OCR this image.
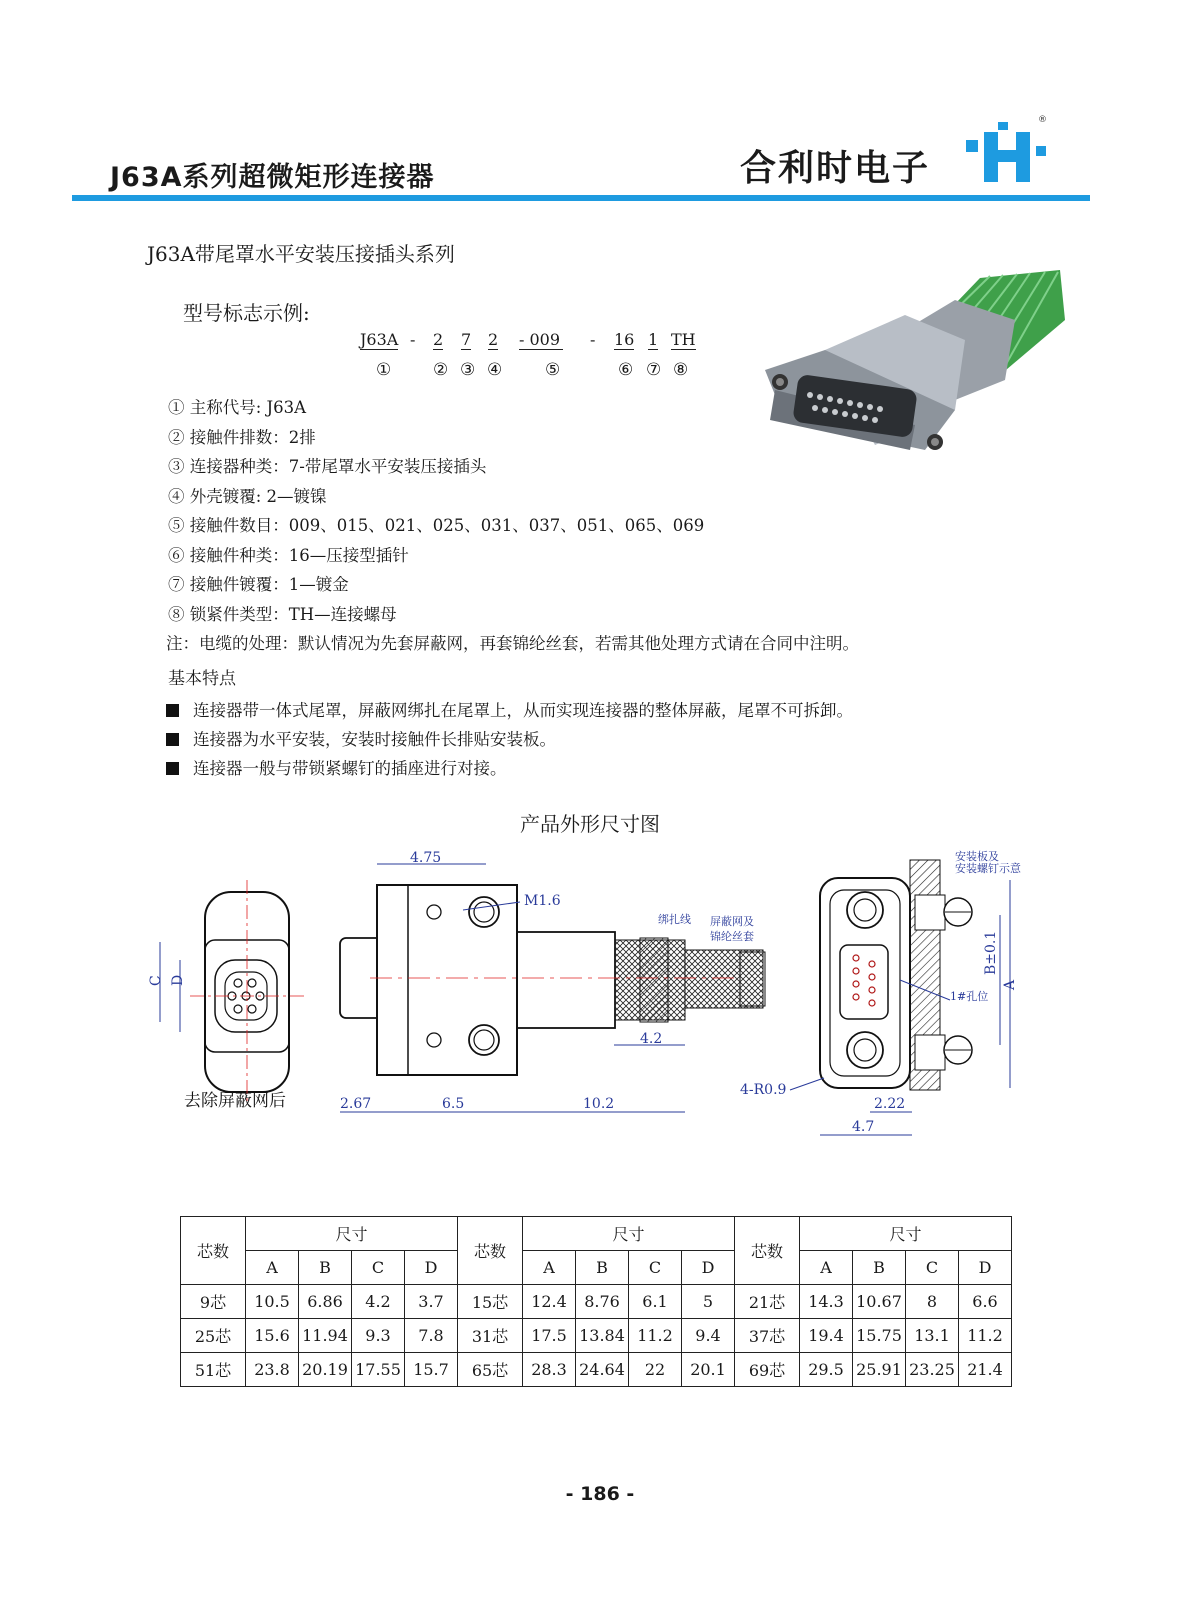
J63A系列超微矩形连接器	合利时电子
®
J63A带尾罩水平安装压接插头系列
型号标志示例:
J63A - 2 7 2 - 009 - 16 1 TH
① ② ③ ④	⑤	⑥ ⑦ ⑧
① 主称代号: J63A
② 接触件排数：2排
③ 连接器种类：7-带尾罩水平安装压接插头
④ 外壳镀覆: 2—镀镍
⑤ 接触件数目：009、015、021、025、031、037、051、065、069
⑥ 接触件种类：16—压接型插针
⑦ 接触件镀覆：1—镀金
⑧ 锁紧件类型：TH—连接螺母
注：电缆的处理：默认情况为先套屏蔽网，再套锦纶丝套，若需其他处理方式请在合同中注明。
基本特点
连接器带一体式尾罩，屏蔽网绑扎在尾罩上，从而实现连接器的整体屏蔽，尾罩不可拆卸。
连接器为水平安装，安装时接触件长排贴安装板。
连接器一般与带锁紧螺钉的插座进行对接。
产品外形尺寸图
C D
去除屏蔽网后
4.75
M1.6
4.2
2.67	6.5	10.2
绑扎线 屏蔽网及
锦纶丝套	B±0.1
A
安装板及
安装螺钉示意
1#孔位
4-R0.9
2.22
4.7
芯数	尺寸				芯数	尺寸				芯数	尺寸			
	A	B	C	D		A	B	C	D		A	B	C	D
9芯	10.5	6.86	4.2	3.7	15芯	12.4	8.76	6.1	5	21芯	14.3	10.67	8	6.6
25芯	15.6	11.94	9.3	7.8	31芯	17.5	13.84	11.2	9.4	37芯	19.4	15.75	13.1	11.2
51芯	23.8	20.19	17.55	15.7	65芯	28.3	24.64	22	20.1	69芯	29.5	25.91	23.25	21.4
- 186 -
